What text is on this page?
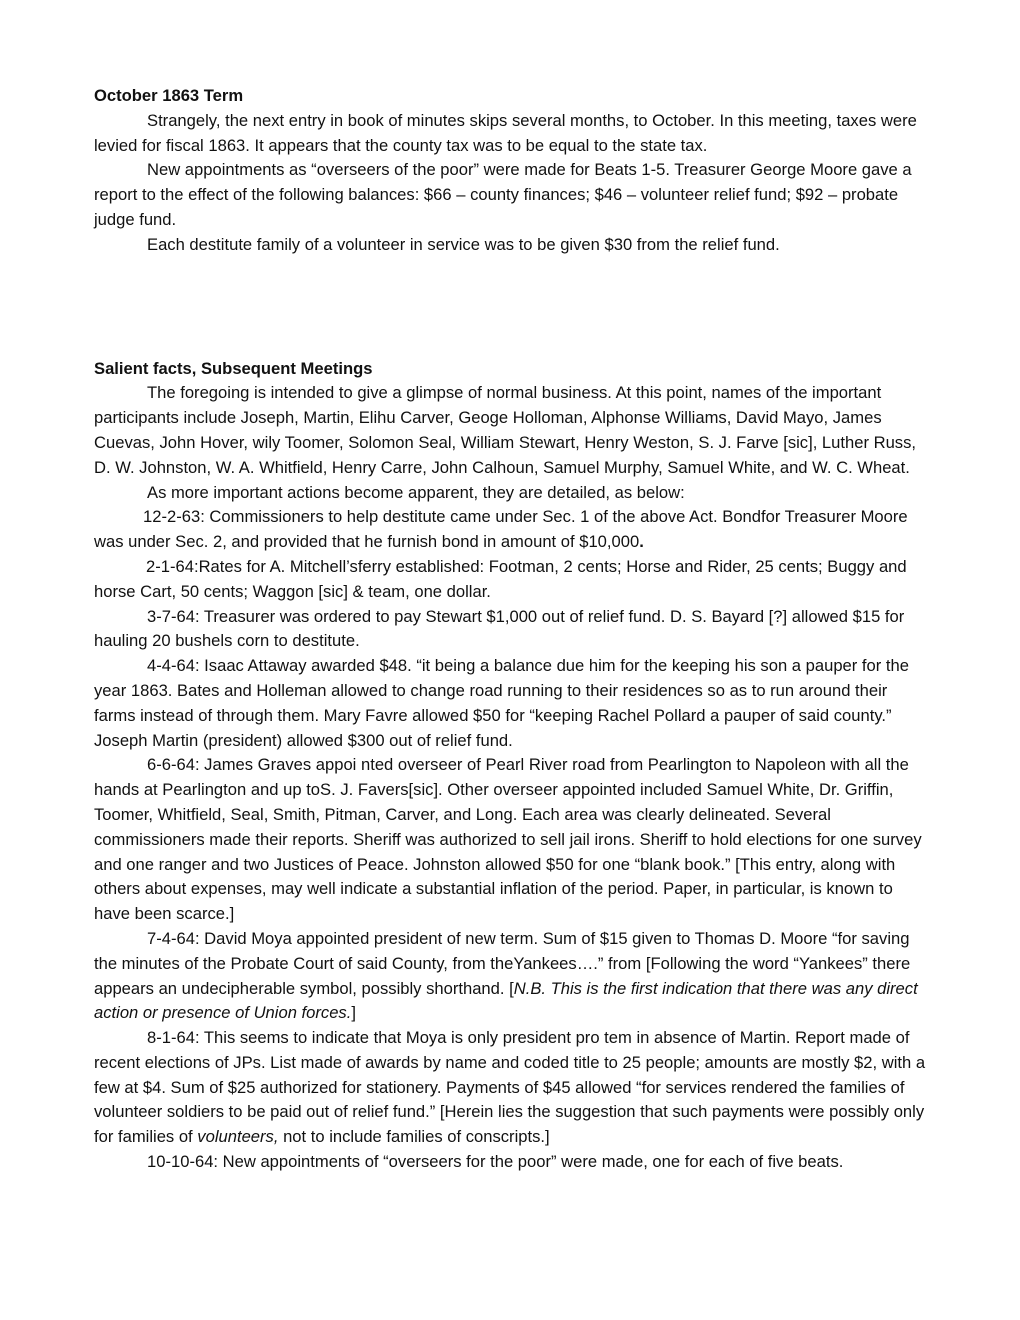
October 1863 Term

Strangely, the next entry in book of minutes skips several months, to October. In this meeting, taxes were levied for fiscal 1863. It appears that the county tax was to be equal to the state tax.

New appointments as “overseers of the poor” were made for Beats 1-5. Treasurer George Moore gave a report to the effect of the following balances: $66 – county finances; $46 – volunteer relief fund; $92 – probate judge fund.

Each destitute family of a volunteer in service was to be given $30 from the relief fund.

Salient facts, Subsequent Meetings

The foregoing is intended to give a glimpse of normal business. At this point, names of the important participants include Joseph, Martin, Elihu Carver, Geoge Holloman, Alphonse Williams, David Mayo, James Cuevas, John Hover, wily Toomer, Solomon Seal, William Stewart, Henry Weston, S. J. Farve [sic], Luther Russ, D. W. Johnston, W. A. Whitfield, Henry Carre, John Calhoun, Samuel Murphy, Samuel White, and W. C. Wheat.

As more important actions become apparent, they are detailed, as below:

12-2-63: Commissioners to help destitute came under Sec. 1 of the above Act. Bondfor Treasurer Moore was under Sec. 2, and provided that he furnish bond in amount of $10,000.

2-1-64:Rates for A. Mitchell’sferry established: Footman, 2 cents; Horse and Rider, 25 cents; Buggy and horse Cart, 50 cents; Waggon [sic] & team, one dollar.

3-7-64: Treasurer was ordered to pay Stewart $1,000 out of relief fund. D. S. Bayard [?] allowed $15 for hauling 20 bushels corn to destitute.

4-4-64: Isaac Attaway awarded $48. “it being a balance due him for the keeping his son a pauper for the year 1863. Bates and Holleman allowed to change road running to their residences so as to run around their farms instead of through them. Mary Favre allowed $50 for “keeping Rachel Pollard a pauper of said county.” Joseph Martin (president) allowed $300 out of relief fund.

6-6-64: James Graves appoi nted overseer of Pearl River road from Pearlington to Napoleon with all the hands at Pearlington and up toS. J. Favers[sic]. Other overseer appointed included Samuel White, Dr. Griffin, Toomer, Whitfield, Seal, Smith, Pitman, Carver, and Long. Each area was clearly delineated. Several commissioners made their reports. Sheriff was authorized to sell jail irons. Sheriff to hold elections for one survey and one ranger and two Justices of Peace. Johnston allowed $50 for one “blank book.” [This entry, along with others about expenses, may well indicate a substantial inflation of the period. Paper, in particular, is known to have been scarce.]

7-4-64: David Moya appointed president of new term. Sum of $15 given to Thomas D. Moore “for saving the minutes of the Probate Court of said County, from theYankees….” from [Following the word “Yankees” there appears an undecipherable symbol, possibly shorthand. [N.B. This is the first indication that there was any direct action or presence of Union forces.]

8-1-64: This seems to indicate that Moya is only president pro tem in absence of Martin. Report made of recent elections of JPs. List made of awards by name and coded title to 25 people; amounts are mostly $2, with a few at $4. Sum of $25 authorized for stationery. Payments of $45 allowed “for services rendered the families of volunteer soldiers to be paid out of relief fund.” [Herein lies the suggestion that such payments were possibly only for families of volunteers, not to include families of conscripts.]

10-10-64: New appointments of “overseers for the poor” were made, one for each of five beats.
